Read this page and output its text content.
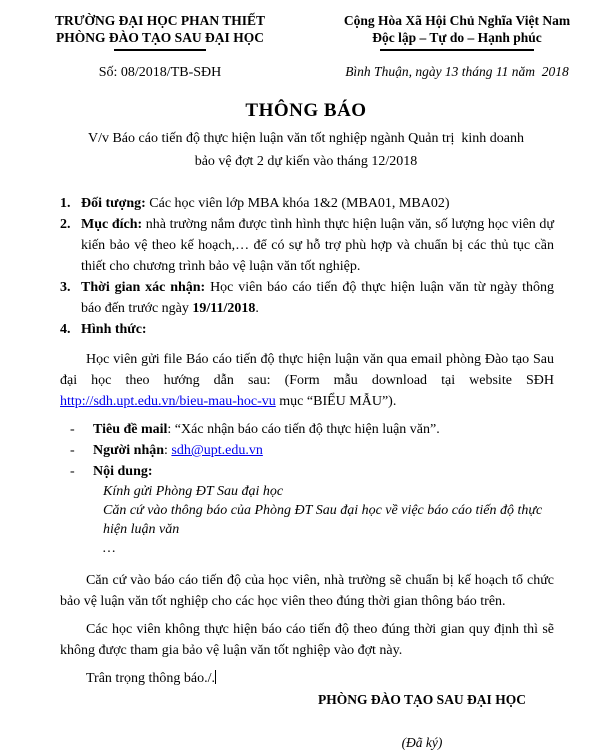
TRƯỜNG ĐẠI HỌC PHAN THIẾT
PHÒNG ĐÀO TẠO SAU ĐẠI HỌC
Số: 08/2018/TB-SĐH
Cộng Hòa Xã Hội Chủ Nghĩa Việt Nam
Độc lập – Tự do – Hạnh phúc
Bình Thuận, ngày 13 tháng 11 năm  2018
THÔNG BÁO
V/v Báo cáo tiến độ thực hiện luận văn tốt nghiệp ngành Quản trị  kinh doanh
bảo vệ đợt 2 dự kiến vào tháng 12/2018
1. Đối tượng: Các học viên lớp MBA khóa 1&2 (MBA01, MBA02)
2. Mục đích: nhà trường nắm được tình hình thực hiện luận văn, số lượng học viên dự kiến bảo vệ theo kế hoạch,… để có sự hỗ trợ phù hợp và chuẩn bị các thủ tục cần thiết cho chương trình bảo vệ luận văn tốt nghiệp.
3. Thời gian xác nhận: Học viên báo cáo tiến độ thực hiện luận văn từ ngày thông báo đến trước ngày 19/11/2018.
4. Hình thức:
Học viên gửi file Báo cáo tiến độ thực hiện luận văn qua email phòng Đào tạo Sau đại học theo hướng dẫn sau: (Form mẫu download tại website SĐH http://sdh.upt.edu.vn/bieu-mau-hoc-vu mục “BIỂU MẪU”).
-	Tiêu đề mail: “Xác nhận báo cáo tiến độ thực hiện luận văn”.
-	Người nhận: sdh@upt.edu.vn
-	Nội dung:
Kính gửi Phòng ĐT Sau đại học
Căn cứ vào thông báo của Phòng ĐT Sau đại học về việc báo cáo tiến độ thực hiện luận văn
…
Căn cứ vào báo cáo tiến độ của học viên, nhà trường sẽ chuẩn bị kế hoạch tổ chức bảo vệ luận văn tốt nghiệp cho các học viên theo đúng thời gian thông báo trên.
Các học viên không thực hiện báo cáo tiến độ theo đúng thời gian quy định thì sẽ không được tham gia bảo vệ luận văn tốt nghiệp vào đợt này.
Trân trọng thông báo./.
PHÒNG ĐÀO TẠO SAU ĐẠI HỌC
(Đã ký)
